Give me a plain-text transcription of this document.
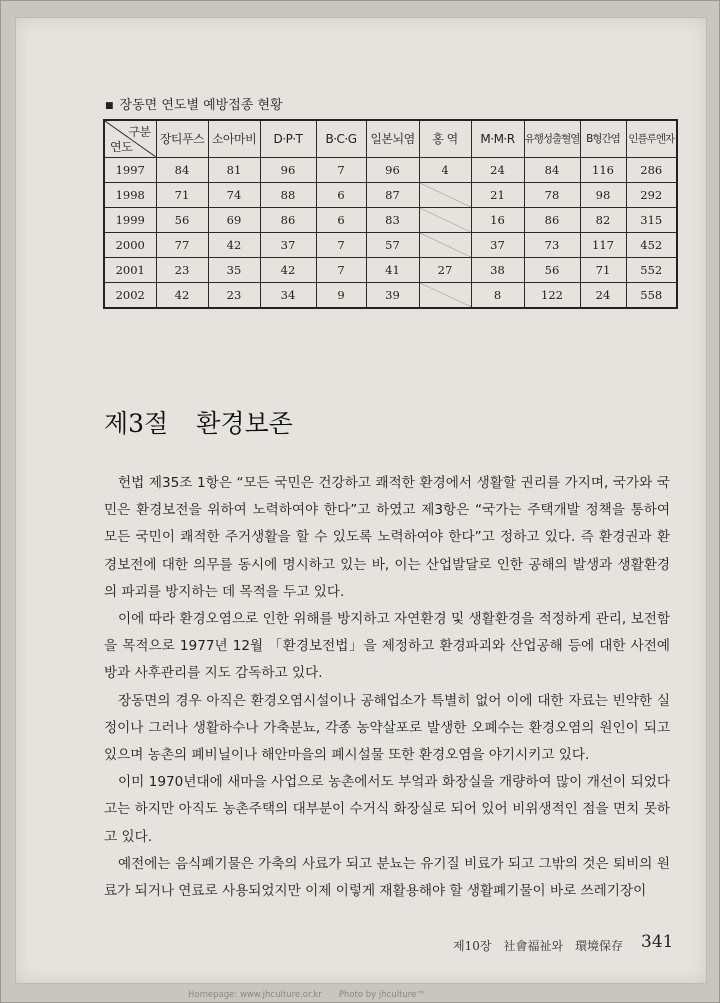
■ 장동면 연도별 예방접종 현황
구분
연도	장티푸스	소아마비	D·P·T	B·C·G	일본뇌염	홍 역	M·M·R	유행성출혈열	B형간염	인플루엔자
1997	84	81	96	7	96	4	24	84	116	286
1998	71	74	88	6	87		21	78	98	292
1999	56	69	86	6	83		16	86	82	315
2000	77	42	37	7	57		37	73	117	452
2001	23	35	42	7	41	27	38	56	71	552
2002	42	23	34	9	39		8	122	24	558
제3절 환경보존

헌법 제35조 1항은 “모든 국민은 건강하고 쾌적한 환경에서 생활할 권리를 가지며, 국가와 국민은 환경보전을 위하여 노력하여야 한다”고 하였고 제3항은 “국가는 주택개발 정책을 통하여 모든 국민이 쾌적한 주거생활을 할 수 있도록 노력하여야 한다”고 정하고 있다. 즉 환경권과 환경보전에 대한 의무를 동시에 명시하고 있는 바, 이는 산업발달로 인한 공해의 발생과 생활환경의 파괴를 방지하는 데 목적을 두고 있다.

이에 따라 환경오염으로 인한 위해를 방지하고 자연환경 및 생활환경을 적정하게 관리, 보전함을 목적으로 1977년 12월 「환경보전법」을 제정하고 환경파괴와 산업공해 등에 대한 사전예방과 사후관리를 지도 감독하고 있다.

장동면의 경우 아직은 환경오염시설이나 공해업소가 특별히 없어 이에 대한 자료는 빈약한 실정이나 그러나 생활하수나 가축분뇨, 각종 농약살포로 발생한 오폐수는 환경오염의 원인이 되고 있으며 농촌의 폐비닐이나 해안마을의 폐시설물 또한 환경오염을 야기시키고 있다.

이미 1970년대에 새마을 사업으로 농촌에서도 부엌과 화장실을 개량하여 많이 개선이 되었다고는 하지만 아직도 농촌주택의 대부분이 수거식 화장실로 되어 있어 비위생적인 점을 면치 못하고 있다.

예전에는 음식폐기물은 가축의 사료가 되고 분뇨는 유기질 비료가 되고 그밖의 것은 퇴비의 원료가 되거나 연료로 사용되었지만 이제 이렇게 재활용해야 할 생활폐기물이 바로 쓰레기장이

제10장　社會福祉와　環境保存 341
Homepage: www.jhculture.or.kr　　Photo by jhculture™
